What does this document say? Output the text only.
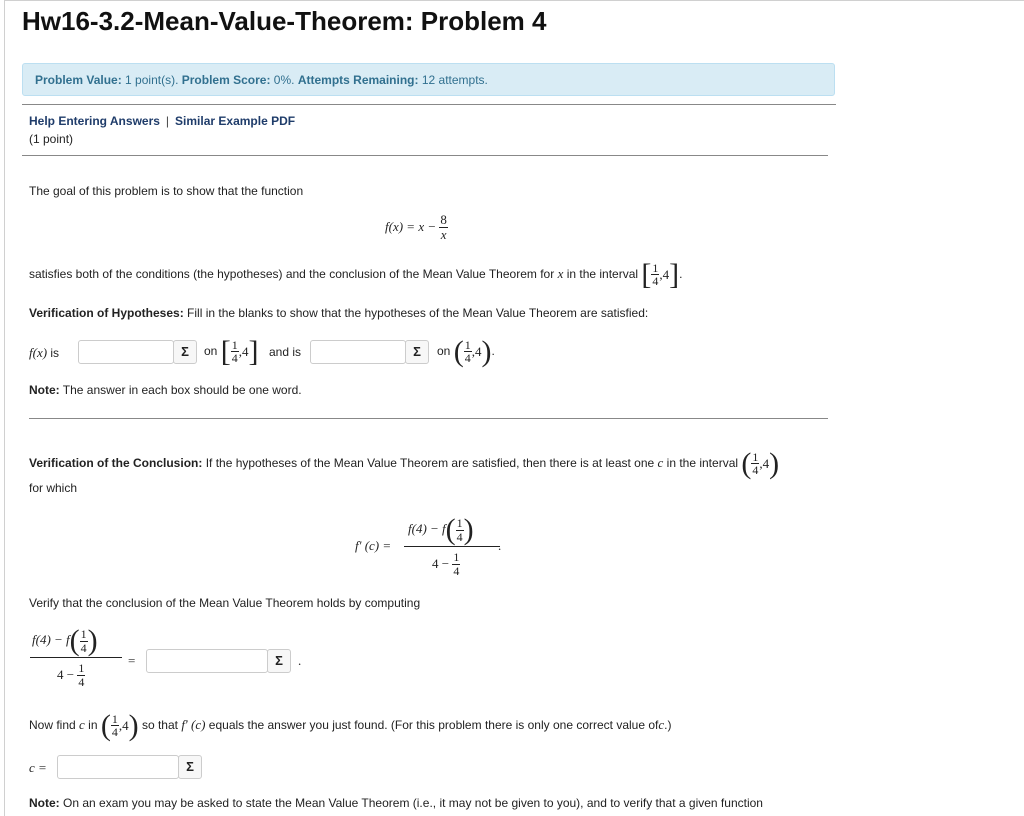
Hw16-3.2-Mean-Value-Theorem: Problem 4
Problem Value: 1 point(s). Problem Score: 0%. Attempts Remaining: 12 attempts.
Help Entering Answers | Similar Example PDF
(1 point)
The goal of this problem is to show that the function
$f(x) = x - \frac{8}{x}$
satisfies both of the conditions (the hypotheses) and the conclusion of the Mean Value Theorem for x in the interval [ $\frac{1}{4} ,4$].
Verification of Hypotheses: Fill in the blanks to show that the hypotheses of the Mean Value Theorem are satisfied:
f(x) is	Σ	on [ $\frac{1}{4} ,4$] and is	Σ	on ( $\frac{1}{4} ,4$).
Note: The answer in each box should be one word.
Verification of the Conclusion: If the hypotheses of the Mean Value Theorem are satisfied, then there is at least one c in the interval ( $\frac{1}{4} ,4$)
for which
f′ (c) =
$f(4) - f( \frac{1}{4}$ )
$4 - \frac{1}{4}$
.
Verify that the conclusion of the Mean Value Theorem holds by computing
$f(4) - f( \frac{1}{4}$ )
$4 - \frac{1}{4}$
=	Σ	.
Now find c in ( $\frac{1}{4} ,4$) so that f′ (c) equals the answer you just found. (For this problem there is only one correct value ofc.)
c =	Σ
Note: On an exam you may be asked to state the Mean Value Theorem (i.e., it may not be given to you), and to verify that a given function
